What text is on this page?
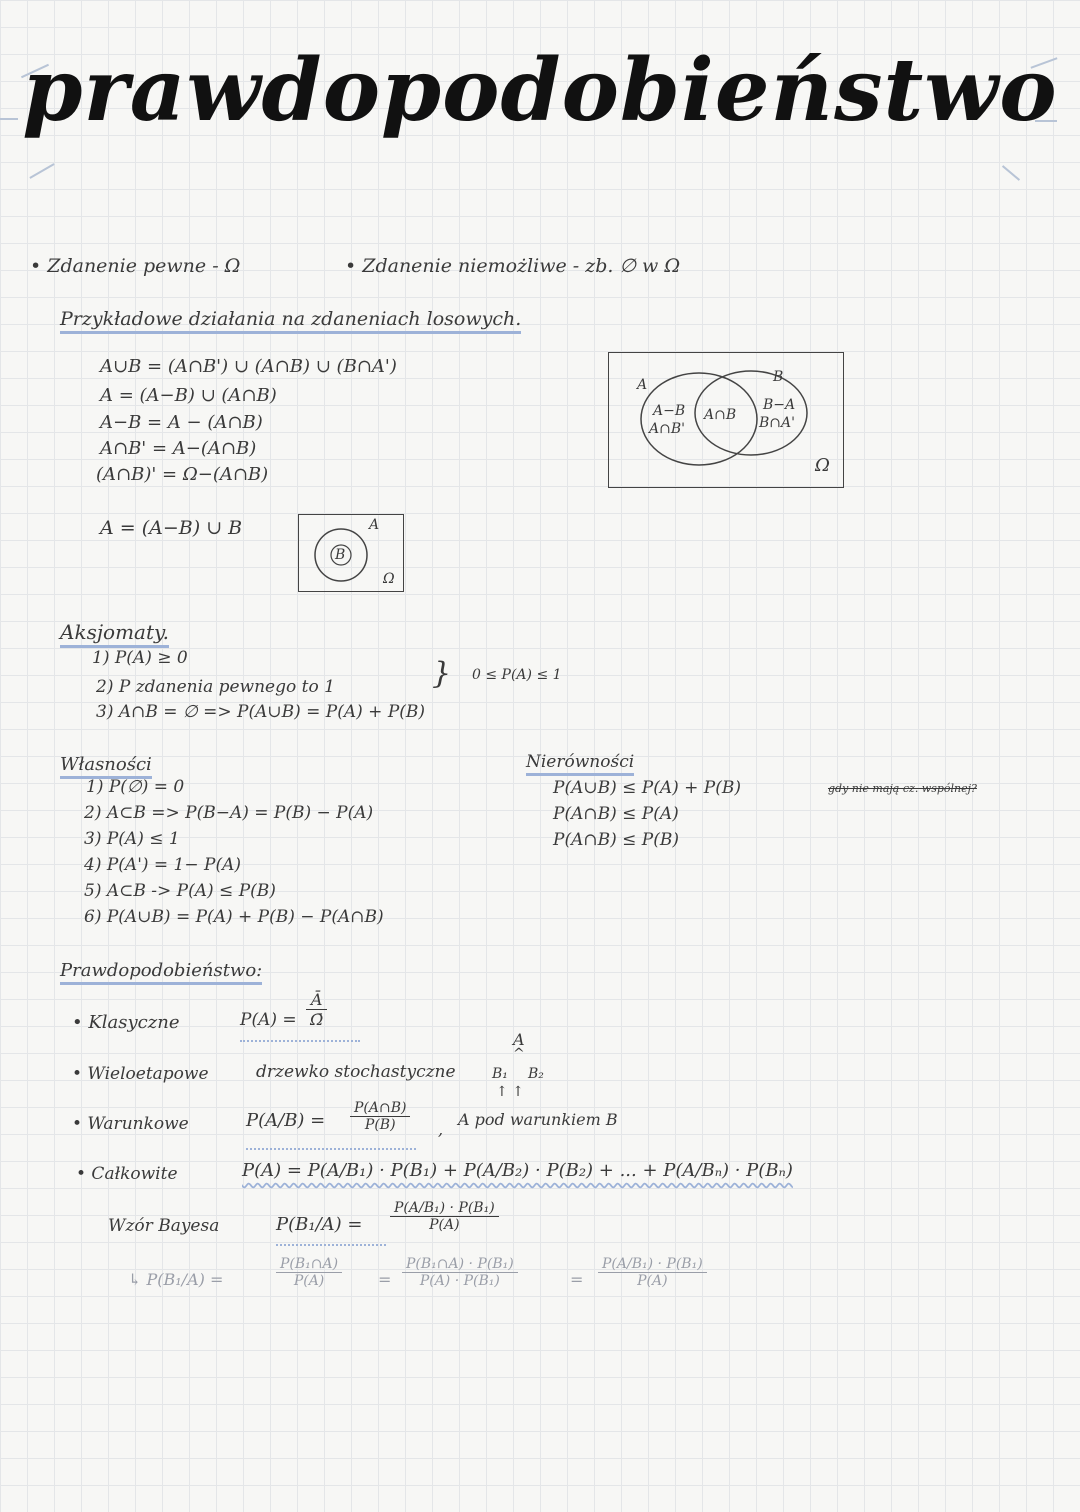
prawdopodobieństwo
• Zdanenie pewne - Ω	• Zdanenie niemożliwe - zb. ∅ w Ω
Przykładowe działania na zdaneniach losowych.
A∪B = (A∩B') ∪ (A∩B) ∪ (B∩A')
A = (A−B) ∪ (A∩B)
A−B = A − (A∩B)
A∩B' = A−(A∩B)
(A∩B)' = Ω−(A∩B)
A	B
A−B
A∩B'
A∩B
B−A
B∩A'
Ω
A = (A−B) ∪ B
B
A
Ω
Aksjomaty.
1) P(A) ≥ 0
2) P zdanenia pewnego to 1
3) A∩B = ∅ => P(A∪B) = P(A) + P(B)
} 0 ≤ P(A) ≤ 1
Własności
1) P(∅) = 0
2) A⊂B => P(B−A) = P(B) − P(A)
3) P(A) ≤ 1
4) P(A') = 1− P(A)
5) A⊂B -> P(A) ≤ P(B)
6) P(A∪B) = P(A) + P(B) − P(A∩B)
Nierówności
P(A∪B) ≤ P(A) + P(B)
P(A∩B) ≤ P(A)
P(A∩B) ≤ P(B)
gdy nie mają cz. wspólnej?
Prawdopodobieństwo:
• Klasyczne	$P(A) = \frac{Ā}{\Omegā}$
• Wieloetapowe	drzewko stochastyczne
A
^
B₁ B₂
↑ ↑
• Warunkowe	$P(A/B) = \frac{P(A\cap B)}{P(B)}$ ,
A pod warunkiem B
• Całkowite	P(A) = P(A/B₁) · P(B₁) + P(A/B₂) · P(B₂) + ... + P(A/Bₙ) · P(Bₙ)
Wzór Bayesa	$P(B_1/A) = \frac{\text{P(A/B₁) · P(B₁)}}{P(A)}$
↳ P(B₁/A) =	$\frac{\text{P(B₁∩A)}}{P(A)} = \frac{\text{P(B₁∩A) · P(B₁)}}{\text{P(A) · P(B₁)}}$	= $\frac{\text{P(A/B₁) · P(B₁)}}{P(A)}$
